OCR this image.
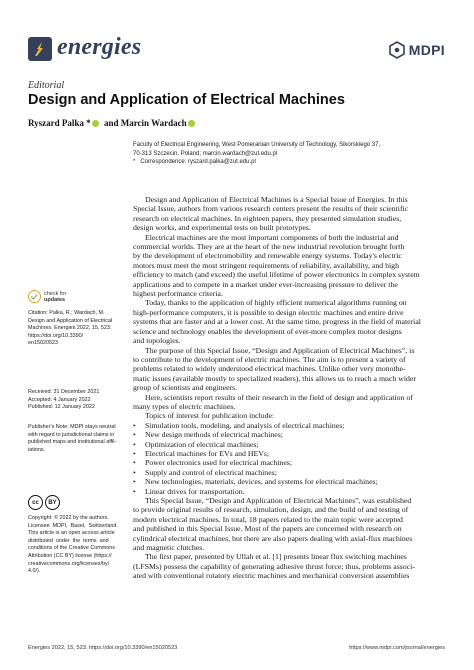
energies	MDPI
Editorial
Design and Application of Electrical Machines
Ryszard Palka * and Marcin Wardach
Faculty of Electrical Engineering, West Pomeranian University of Technology, Sikorskiego 37,
70-313 Szczecin, Poland; marcin.wardach@zut.edu.pl
*   Correspondence: ryszard.palka@zut.edu.pl
check for
updates
Citation: Palka, R.; Wardach, M.
Design and Application of Electrical
Machines. Energies 2022, 15, 523.
https://doi.org/10.3390/
en15020523
Received: 31 December 2021
Accepted: 4 January 2022
Published: 12 January 2022
Publisher's Note: MDPI stays neutral
with regard to jurisdictional claims in
published maps and institutional affil-
iations.
cc	BY
Copyright: © 2022 by the authors.
Licensee  MDPI,  Basel,  Switzerland.
This article is an open access article
distributed  under  the  terms  and
conditions of the Creative Commons
Attribution (CC BY) license (https://
creativecommons.org/licenses/by/
4.0/).
Design and Application of Electrical Machines is a Special Issue of Energies. In this
Special Issue, authors from various research centers present the results of their scientific
research on electrical machines. In eighteen papers, they presented simulation studies,
design works, and experimental tests on built prototypes.
Electrical machines are the most important components of both the industrial and
commercial worlds. They are at the heart of the new industrial revolution brought forth
by the development of electromobility and renewable energy systems. Today's electric
motors must meet the most stringent requirements of reliability, availability, and high
efficiency to match (and exceed) the useful lifetime of power electronics in complex system
applications and to compete in a market under ever-increasing pressure to deliver the
highest performance criteria.
Today, thanks to the application of highly efficient numerical algorithms running on
high-performance computers, it is possible to design electric machines and entire drive
systems that are faster and at a lower cost. At the same time, progress in the field of material
science and technology enables the development of ever-more complex motor designs
and topologies.
The purpose of this Special Issue, “Design and Application of Electrical Machines”, is
to contribute to the development of electric machines. The aim is to present a variety of
problems related to widely understood electrical machines. Unlike other very monothe-
matic issues (available mostly to specialized readers), this allows us to reach a much wider
group of scientists and engineers.
Here, scientists report results of their research in the field of design and application of
many types of electric machines.
Topics of interest for publication include:
• Simulation tools, modeling, and analysis of electrical machines;
• New design methods of electrical machines;
• Optimization of electrical machines;
• Electrical machines for EVs and HEVs;
• Power electronics used for electrical machines;
• Supply and control of electrical machines;
• New technologies, materials, devices, and systems for electrical machines;
• Linear drives for transportation.
This Special Issue, “Design and Application of Electrical Machines”, was established
to provide original results of research, simulation, design, and the build of and testing of
modern electrical machines. In total, 18 papers related to the main topic were accepted
and published in this Special Issue. Most of the papers are concerned with research on
cylindrical electrical machines, but there are also papers dealing with axial-flux machines
and magnetic clutches.
The first paper, presented by Ullah et al. [1] presents linear flux switching machines
(LFSMs) possess the capability of generating adhesive thrust force; thus, problems associ-
ated with conventional rotatory electric machines and mechanical conversion assemblies
Energies 2022, 15, 523. https://doi.org/10.3390/en15020523	https://www.mdpi.com/journal/energies
